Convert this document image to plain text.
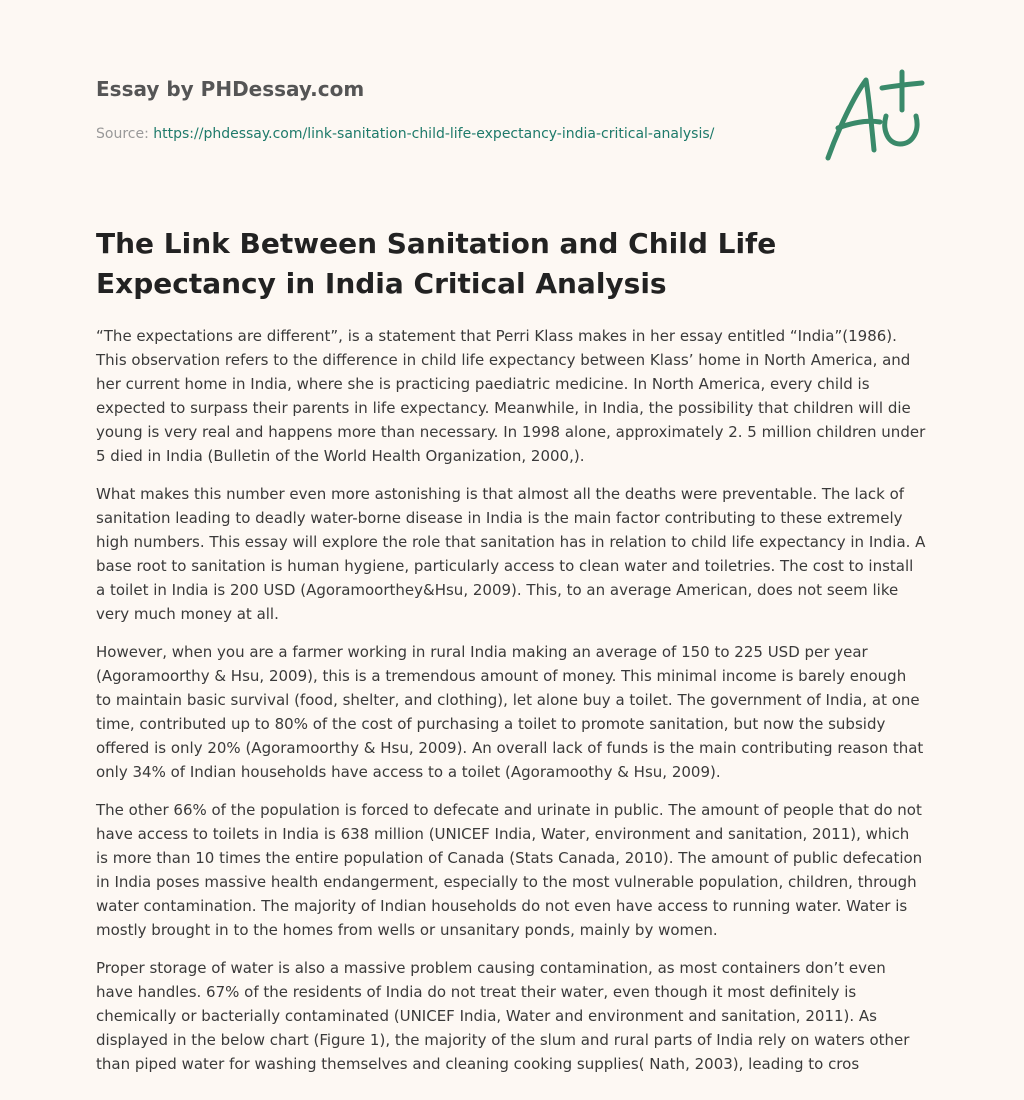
Essay by PHDessay.com
Source: https://phdessay.com/link-sanitation-child-life-expectancy-india-critical-analysis/
The Link Between Sanitation and Child Life Expectancy in India Critical Analysis

“The expectations are different”, is a statement that Perri Klass makes in her essay entitled “India”(1986). This observation refers to the difference in child life expectancy between Klass’ home in North America, and her current home in India, where she is practicing paediatric medicine. In North America, every child is expected to surpass their parents in life expectancy. Meanwhile, in India, the possibility that children will die young is very real and happens more than necessary. In 1998 alone, approximately 2. 5 million children under 5 died in India (Bulletin of the World Health Organization, 2000,).

What makes this number even more astonishing is that almost all the deaths were preventable. The lack of sanitation leading to deadly water-borne disease in India is the main factor contributing to these extremely high numbers. This essay will explore the role that sanitation has in relation to child life expectancy in India. A base root to sanitation is human hygiene, particularly access to clean water and toiletries. The cost to install a toilet in India is 200 USD (Agoramoorthey&Hsu, 2009). This, to an average American, does not seem like very much money at all.

However, when you are a farmer working in rural India making an average of 150 to 225 USD per year (Agoramoorthy & Hsu, 2009), this is a tremendous amount of money. This minimal income is barely enough to maintain basic survival (food, shelter, and clothing), let alone buy a toilet. The government of India, at one time, contributed up to 80% of the cost of purchasing a toilet to promote sanitation, but now the subsidy offered is only 20% (Agoramoorthy & Hsu, 2009). An overall lack of funds is the main contributing reason that only 34% of Indian households have access to a toilet (Agoramoothy & Hsu, 2009).

The other 66% of the population is forced to defecate and urinate in public. The amount of people that do not have access to toilets in India is 638 million (UNICEF India, Water, environment and sanitation, 2011), which is more than 10 times the entire population of Canada (Stats Canada, 2010). The amount of public defecation in India poses massive health endangerment, especially to the most vulnerable population, children, through water contamination. The majority of Indian households do not even have access to running water. Water is mostly brought in to the homes from wells or unsanitary ponds, mainly by women.

Proper storage of water is also a massive problem causing contamination, as most containers don’t even have handles. 67% of the residents of India do not treat their water, even though it most definitely is chemically or bacterially contaminated (UNICEF India, Water and environment and sanitation, 2011). As displayed in the below chart (Figure 1), the majority of the slum and rural parts of India rely on waters other than piped water for washing themselves and cleaning cooking supplies( Nath, 2003), leading to cros
